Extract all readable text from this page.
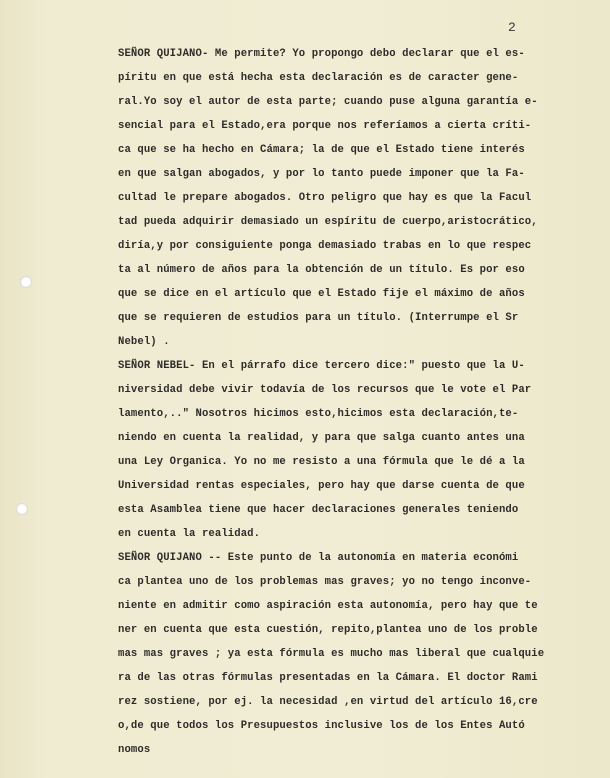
2
SEÑOR QUIJANO- Me permite? Yo propongo debo declarar que el es-
píritu en que está hecha esta declaración es de caracter gene-
ral.Yo soy el autor de esta parte; cuando puse alguna garantía e-
sencial para el Estado,era porque nos referíamos a cierta críti-
ca que se ha hecho en Cámara; la de que el Estado tiene interés
en que salgan abogados, y por lo tanto puede imponer que la Fa-
cultad le prepare abogados. Otro peligro que hay es que la Facul
tad pueda adquirir demasiado un espíritu de cuerpo,aristocrático,
diría,y por consiguiente ponga demasiado trabas en lo que respec
ta al número de años para la obtención de un título. Es por eso
que se dice en el artículo que el Estado fije el máximo de años
que se requieren de estudios para un título. (Interrumpe el Sr
Nebel) .
SEÑOR NEBEL- En el párrafo dice tercero dice:" puesto que la U-
niversidad debe vivir todavía de los recursos que le vote el Par
lamento,.." Nosotros hicimos esto,hicimos esta declaración,te-
niendo en cuenta la realidad, y para que salga cuanto antes una
una Ley Organica. Yo no me resisto a una fórmula que le dé a la
Universidad rentas especiales, pero hay que darse cuenta de que
esta Asamblea tiene que hacer declaraciones generales teniendo
en cuenta la realidad.
SEÑOR QUIJANO -- Este punto de la autonomía en materia económi
ca plantea uno de los problemas mas graves; yo no tengo inconve-
niente en admitir como aspiración esta autonomía, pero hay que te
ner en cuenta que esta cuestión, repito,plantea uno de los proble
mas mas graves ; ya esta fórmula es mucho mas liberal que cualquie
ra de las otras fórmulas presentadas en la Cámara. El doctor Rami
rez sostiene, por ej. la necesidad ,en virtud del artículo 16,cre
o,de que todos los Presupuestos inclusive los de los Entes Autó
nomos
